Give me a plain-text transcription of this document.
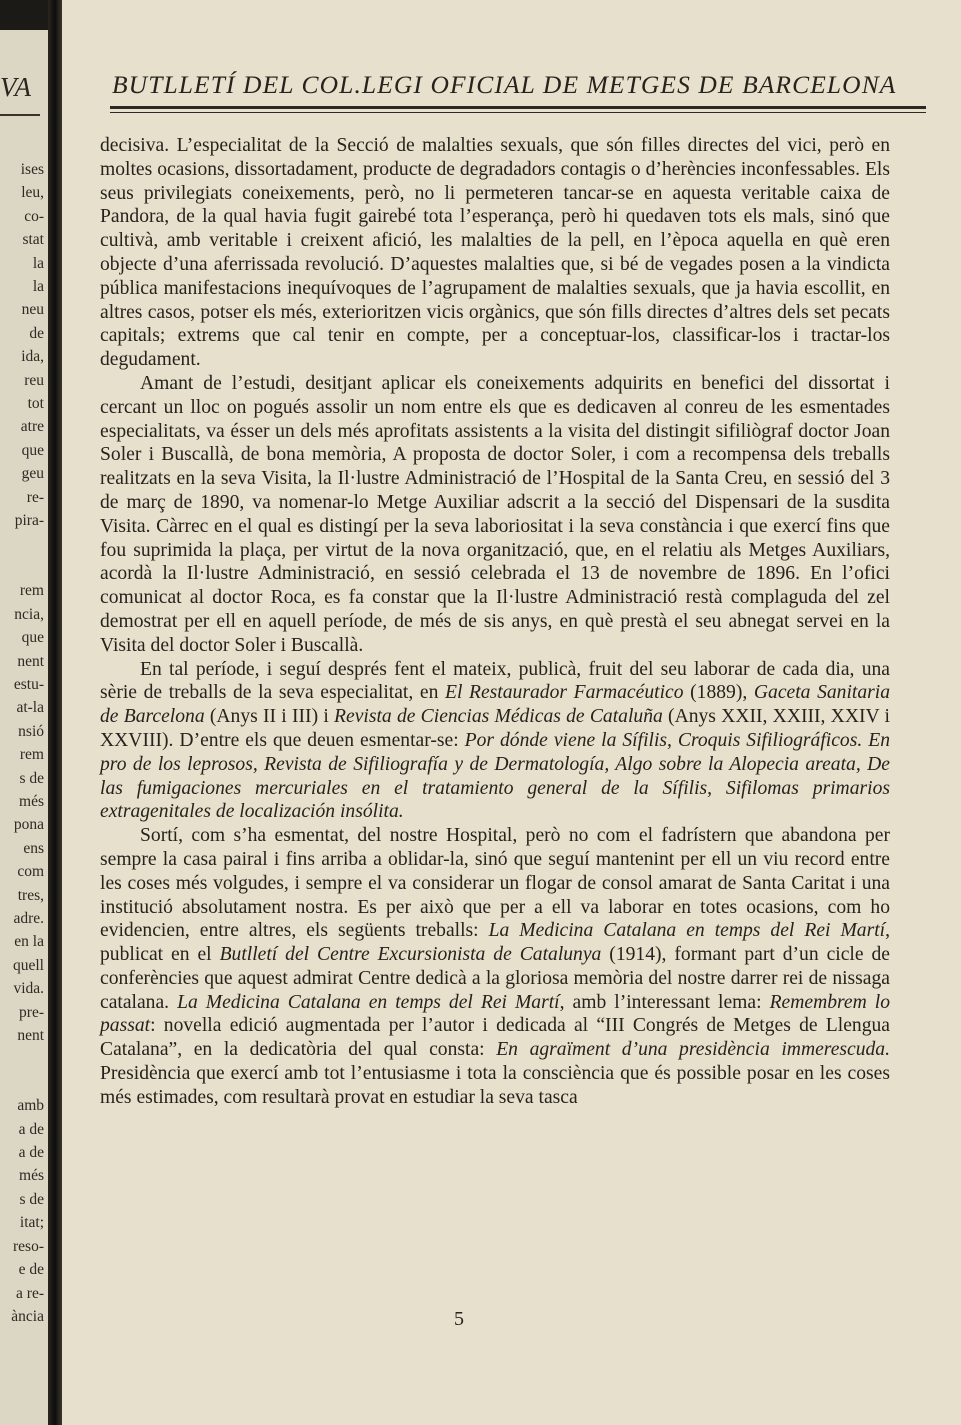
VA
ises
leu,
co-
stat
la
la
neu
de
ida,
reu
tot
atre
que
geu
re-
pira-

rem
ncia,
que
nent
estu-
at-la
nsió
rem
s de
més
pona
ens
com
tres,
adre.
en la
quell
vida.
pre-
nent

amb
a de
a de
més
s de
itat;
reso-
e de
a re-
ància
BUTLLETÍ DEL COL.LEGI OFICIAL DE METGES DE BARCELONA

decisiva. L’especialitat de la Secció de malalties sexuals, que són filles directes del vici, però en moltes ocasions, dissortadament, producte de degradadors contagis o d’herències inconfessables. Els seus privilegiats coneixements, però, no li permeteren tancar-se en aquesta veritable caixa de Pandora, de la qual havia fugit gairebé tota l’esperança, però hi quedaven tots els mals, sinó que cultivà, amb veritable i creixent afició, les malalties de la pell, en l’època aquella en què eren objecte d’una aferrissada revolució. D’aquestes malalties que, si bé de vegades posen a la vindicta pública manifestacions inequívoques de l’agrupament de malalties sexuals, que ja havia escollit, en altres casos, potser els més, exterioritzen vicis orgànics, que són fills directes d’altres dels set pecats capitals; extrems que cal tenir en compte, per a conceptuar-los, classificar-los i tractar-los degudament.

Amant de l’estudi, desitjant aplicar els coneixements adquirits en benefici del dissortat i cercant un lloc on pogués assolir un nom entre els que es dedicaven al conreu de les esmentades especialitats, va ésser un dels més aprofitats assistents a la visita del distingit sifiliògraf doctor Joan Soler i Buscallà, de bona memòria, A proposta de doctor Soler, i com a recompensa dels treballs realitzats en la seva Visita, la Il·lustre Administració de l’Hospital de la Santa Creu, en sessió del 3 de març de 1890, va nomenar-lo Metge Auxiliar adscrit a la secció del Dispensari de la susdita Visita. Càrrec en el qual es distingí per la seva laboriositat i la seva constància i que exercí fins que fou suprimida la plaça, per virtut de la nova organització, que, en el relatiu als Metges Auxiliars, acordà la Il·lustre Administració, en sessió celebrada el 13 de novembre de 1896. En l’ofici comunicat al doctor Roca, es fa constar que la Il·lustre Administració restà complaguda del zel demostrat per ell en aquell període, de més de sis anys, en què prestà el seu abnegat servei en la Visita del doctor Soler i Buscallà.

En tal període, i seguí després fent el mateix, publicà, fruit del seu laborar de cada dia, una sèrie de treballs de la seva especialitat, en El Restaurador Farmacéutico (1889), Gaceta Sanitaria de Barcelona (Anys II i III) i Revista de Ciencias Médicas de Cataluña (Anys XXII, XXIII, XXIV i XXVIII). D’entre els que deuen esmentar-se: Por dónde viene la Sífilis, Croquis Sifiliográficos. En pro de los leprosos, Revista de Sifiliografía y de Dermatología, Algo sobre la Alopecia areata, De las fumigaciones mercuriales en el tratamiento general de la Sífilis, Sifilomas primarios extragenitales de localización insólita.

Sortí, com s’ha esmentat, del nostre Hospital, però no com el fadrístern que abandona per sempre la casa pairal i fins arriba a oblidar-la, sinó que seguí mantenint per ell un viu record entre les coses més volgudes, i sempre el va considerar un flogar de consol amarat de Santa Caritat i una institució absolutament nostra. Es per això que per a ell va laborar en totes ocasions, com ho evidencien, entre altres, els següents treballs: La Medicina Catalana en temps del Rei Martí, publicat en el Butlletí del Centre Excursionista de Catalunya (1914), formant part d’un cicle de conferències que aquest admirat Centre dedicà a la gloriosa memòria del nostre darrer rei de nissaga catalana. La Medicina Catalana en temps del Rei Martí, amb l’interessant lema: Remembrem lo passat: novella edició augmentada per l’autor i dedicada al “III Congrés de Metges de Llengua Catalana”, en la dedicatòria del qual consta: En agraïment d’una presidència immerescuda. Presidència que exercí amb tot l’entusiasme i tota la consciència que és possible posar en les coses més estimades, com resultarà provat en estudiar la seva tasca

5
